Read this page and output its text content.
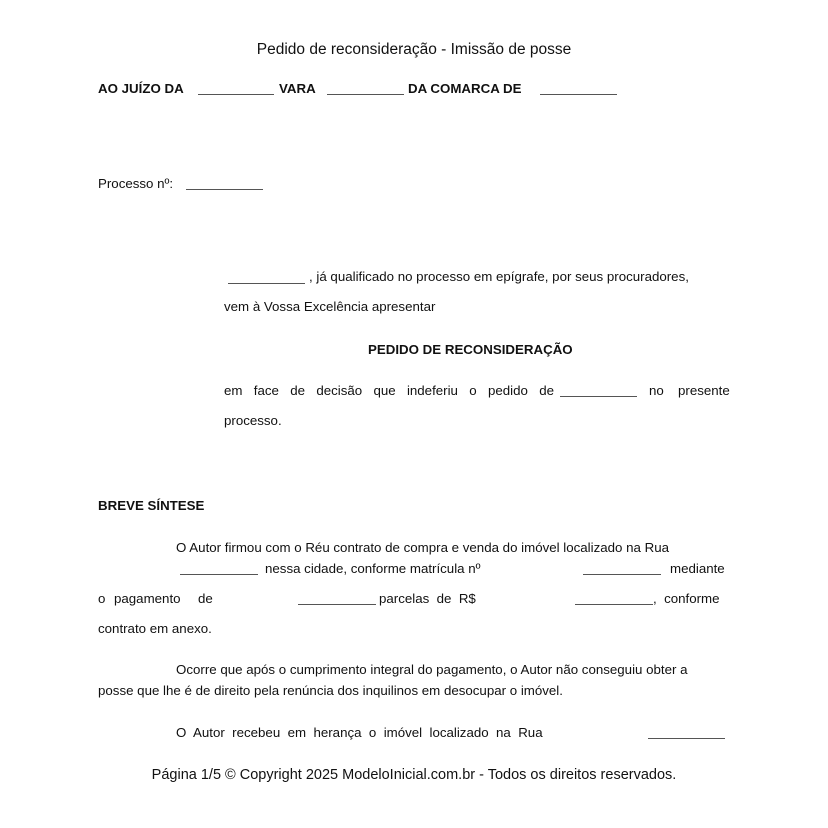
Pedido de reconsideração - Imissão de posse
AO JUÍZO DA	VARA	DA COMARCA DE
Processo nº:
, já qualificado no processo em epígrafe, por seus procuradores,
vem à Vossa Excelência apresentar
PEDIDO DE RECONSIDERAÇÃO
em face de decisão que indeferiu o pedido de	no presente
processo.
BREVE SÍNTESE
O Autor firmou com o Réu contrato de compra e venda do imóvel localizado na Rua
nessa cidade, conforme matrícula nº	mediante
o pagamento de	parcelas  de  R$	,  conforme
contrato em anexo.
Ocorre que após o cumprimento integral do pagamento, o Autor não conseguiu obter a
posse que lhe é de direito pela renúncia dos inquilinos em desocupar o imóvel.
O  Autor  recebeu  em  herança  o  imóvel  localizado  na  Rua
Página 1/5 © Copyright 2025 ModeloInicial.com.br - Todos os direitos reservados.
